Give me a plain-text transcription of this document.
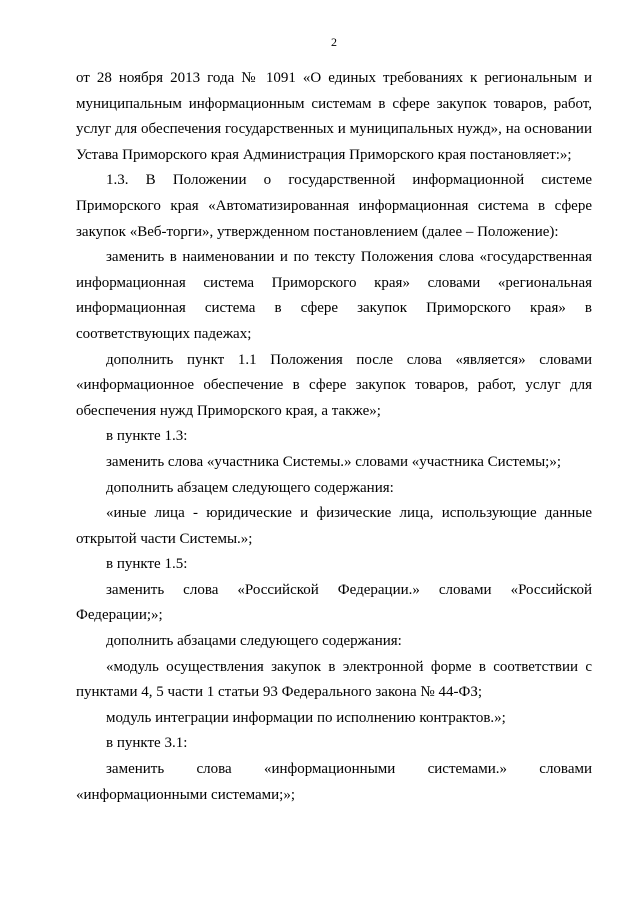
2

от 28 ноября 2013 года № 1091 «О единых требованиях к региональным и муниципальным информационным системам в сфере закупок товаров, работ, услуг для обеспечения государственных и муниципальных нужд», на основании Устава Приморского края Администрация Приморского края постановляет:»;

1.3. В Положении о государственной информационной системе Приморского края «Автоматизированная информационная система в сфере закупок «Веб-торги», утвержденном постановлением (далее – Положение):

заменить в наименовании и по тексту Положения слова «государственная информационная система Приморского края» словами «региональная информационная система в сфере закупок Приморского края» в соответствующих падежах;

дополнить пункт 1.1 Положения после слова «является» словами «информационное обеспечение в сфере закупок товаров, работ, услуг для обеспечения нужд Приморского края, а также»;

в пункте 1.3:

заменить слова «участника Системы.» словами «участника Системы;»;

дополнить абзацем следующего содержания:

«иные лица - юридические и физические лица, использующие данные открытой части Системы.»;

в пункте 1.5:

заменить слова «Российской Федерации.» словами «Российской Федерации;»;

дополнить абзацами следующего содержания:

«модуль осуществления закупок в электронной форме в соответствии с пунктами 4, 5 части 1 статьи 93 Федерального закона № 44-ФЗ;

модуль интеграции информации по исполнению контрактов.»;

в пункте 3.1:

заменить слова «информационными системами.» словами «информационными системами;»;
